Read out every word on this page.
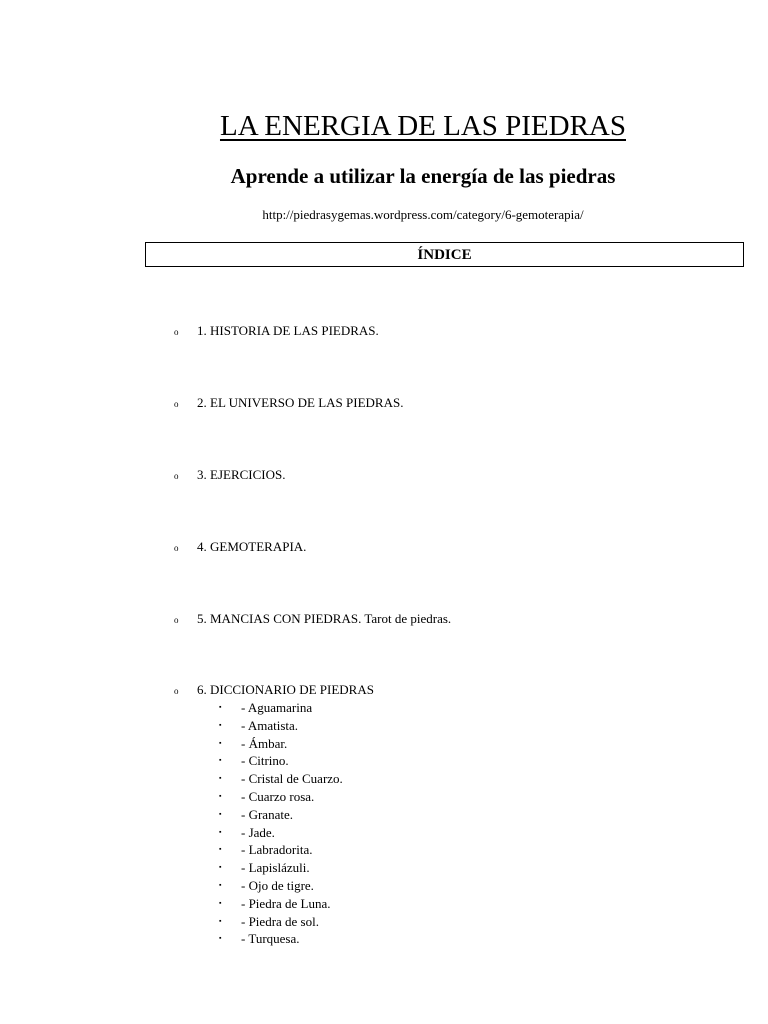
LA ENERGIA DE LAS PIEDRAS
Aprende a utilizar la energía de las piedras
http://piedrasygemas.wordpress.com/category/6-gemoterapia/
ÍNDICE
o 1. HISTORIA DE LAS PIEDRAS.
o 2. EL UNIVERSO DE LAS PIEDRAS.
o 3. EJERCICIOS.
o 4. GEMOTERAPIA.
o 5. MANCIAS CON PIEDRAS. Tarot de piedras.
o 6. DICCIONARIO DE PIEDRAS
▪ - Aguamarina
▪ - Amatista.
▪ - Ámbar.
▪ - Citrino.
▪ - Cristal de Cuarzo.
▪ - Cuarzo rosa.
▪ - Granate.
▪ - Jade.
▪ - Labradorita.
▪ - Lapislázuli.
▪ - Ojo de tigre.
▪ - Piedra de Luna.
▪ - Piedra de sol.
▪ - Turquesa.
